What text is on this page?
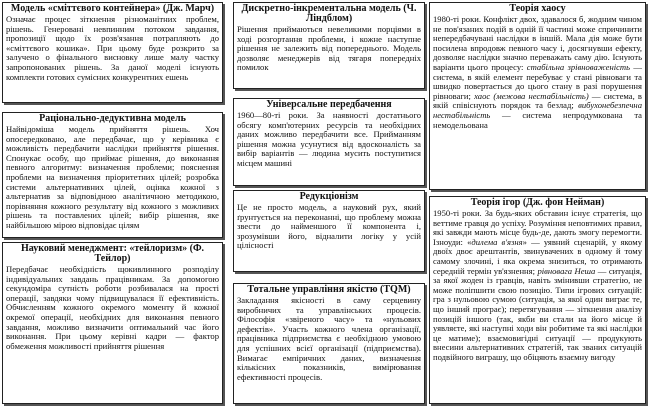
Модель «сміттєвого контейнера» (Дж. Марч)
Означає процес зіткнення різноманітних проблем, рішень. Генеровані невпинним потоком завдання, пропозиції щодо їх розв'язання потрапляють до «сміттєвого кошика». При цьому буде розкрито за залучено о фінального висновку лише малу частку запропонованих рішень. За даної моделі існують комплекти готових сумісних конкурентних ешень
Раціонально-дедуктивна модель
Найвідоміша модель прийняття рішень. Хоч опосередковано, але передбачає, що у керівника є можливість передбачити наслідки прийняття рішення. Спонукає особу, що приймає рішення, до виконання певного алгоритму: визначення проблеми; пояснення проблеми на визначення пріоритетних цілей; розробка системи альтернативних цілей, оцінка кожної з альтернатив за відповідною аналітичною методикою, порівняння кожного результату від кожного з можливих рішень та поставлених цілей; вибір рішення, яке найбільшою мірою відповідає цілям
Науковий менеджмент: «тейлоризм» (Ф. Тейлор)
Передбачає необхідність щокивлинного розподілу індивідуальних завдань працівникам. За допомогою секундоміра сутність роботи розбивалася на прості операції, завдяки чому підвищувалася її ефективність. Обчисленням кожного окремого моменту й кожної окремої операції, необхідних для виконання певного завдання, можливо визначити оптимальний час його виконання. При цьому керівні кадри — фактор обмеження можливості прийняття рішення
Дискретно-інкрементальна модель (Ч. Ліндблом)
Рішення приймаються невеликими порціями в ході розгортання проблеми, і кожне наступне рішення не залежить від попереднього. Модель дозволяє менеджерів від тягаря попередніх помилок
Універсальне передбачення
1960—80-ті роки. За наявності достатнього обсягу комп'ютерних ресурсів та необхідних даних можливо передбачити все. Прийманням рішення можна усунутися від вдосконалість за вибір варіантів — людина мусить поступитися місцем машині
Редукціонізм
Це не просто модель, а науковий рух, який ґрунтується на переконанні, що проблему можна звести до найменшого її компонента і, зрозумівши його, відналити логіку у усій цілісності
Тотальне управління якістю (TQM)
Закладання якісності в саму серцевину виробничих та управлінських процесів. Філософія «звіреного часу» та «нульових дефектів». Участь кожного члена організації, працівника підприємства є необхідною умовою для успішних всієї організації (підприємства). Вимагає емпіричних даних, визначення кількісних показників, вимірювання ефективності процесів.
Теорія хаосу
1980-ті роки. Конфлікт двох, здавалося б, жодним чином не пов'язаних подій в одній її частині може спричинити непередбачувані наслідки в іншій. Мала дія може бути посилена впродовж певного часу і, досягнувши ефекту, дозволяє наслідки значно переважать саму дію. Існують варіанти цього процесу: стабільна зрівноваженість — система, в якій елемент перебуває у стані рівноваги та швидко повертається до цього стану в разі порушення рівноваги; хаос (межова нестабільність) — система, в якій співіснують порядок та безлад; вибухонебезпечна нестабільність — система непродумкована та немодельована
Теорія ігор (Дж. фон Нейман)
1950-ті роки. За будь-яких обставин існує стратегія, що веттиме гравця до успіху. Розуміння неповтимих правил, які завжди мають місце будь-де, дають змогу перемогти. Ізноуди: «дилема в'язня» — уявний сценарій, у якому двоїх двоє арештантів, звинувачених в одному й тому самому злочині, і яка окрема знизиться, то отримають середній термін ув'язнення; рівновага Неша — ситуація, за якої жоден із гравців, навіть змінивши стратегію, не може поліпшити свою позицію. Типи ігрових ситуацій: гра з нульовою сумою (ситуація, за якої один виграє те, що інший програє); перетягування — зіткнення аналізу позицій іншого (так, якби ви стали на його місце й уявляєте, які наступні ходи він робитиме та які наслідки це матиме); взаємовигідні ситуації — продукують внесини альтернативних стратегій, так званих ситуацій подвійного виграшу, що обіцяють взаємну вигоду
